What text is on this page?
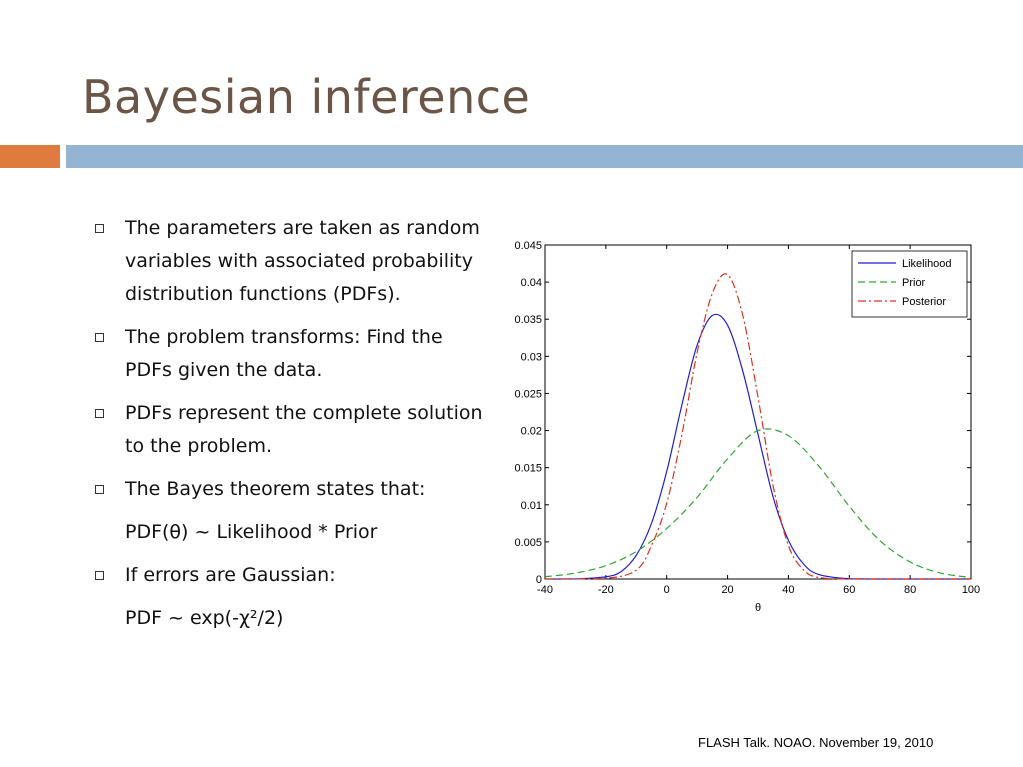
Bayesian inference
The parameters are taken as random variables with associated probability distribution functions (PDFs).
The problem transforms: Find the PDFs given the data.
PDFs represent the complete solution to the problem.
The Bayes theorem states that:
PDF(θ) ~ Likelihood * Prior
If errors are Gaussian:
PDF ~ exp(-χ²/2)
-40	-20	0	20	40	60	80	100
0
0.005
0.01
0.015
0.02
0.025
0.03
0.035
0.04
0.045
θ
Likelihood
Prior
Posterior
FLASH Talk. NOAO. November 19, 2010
